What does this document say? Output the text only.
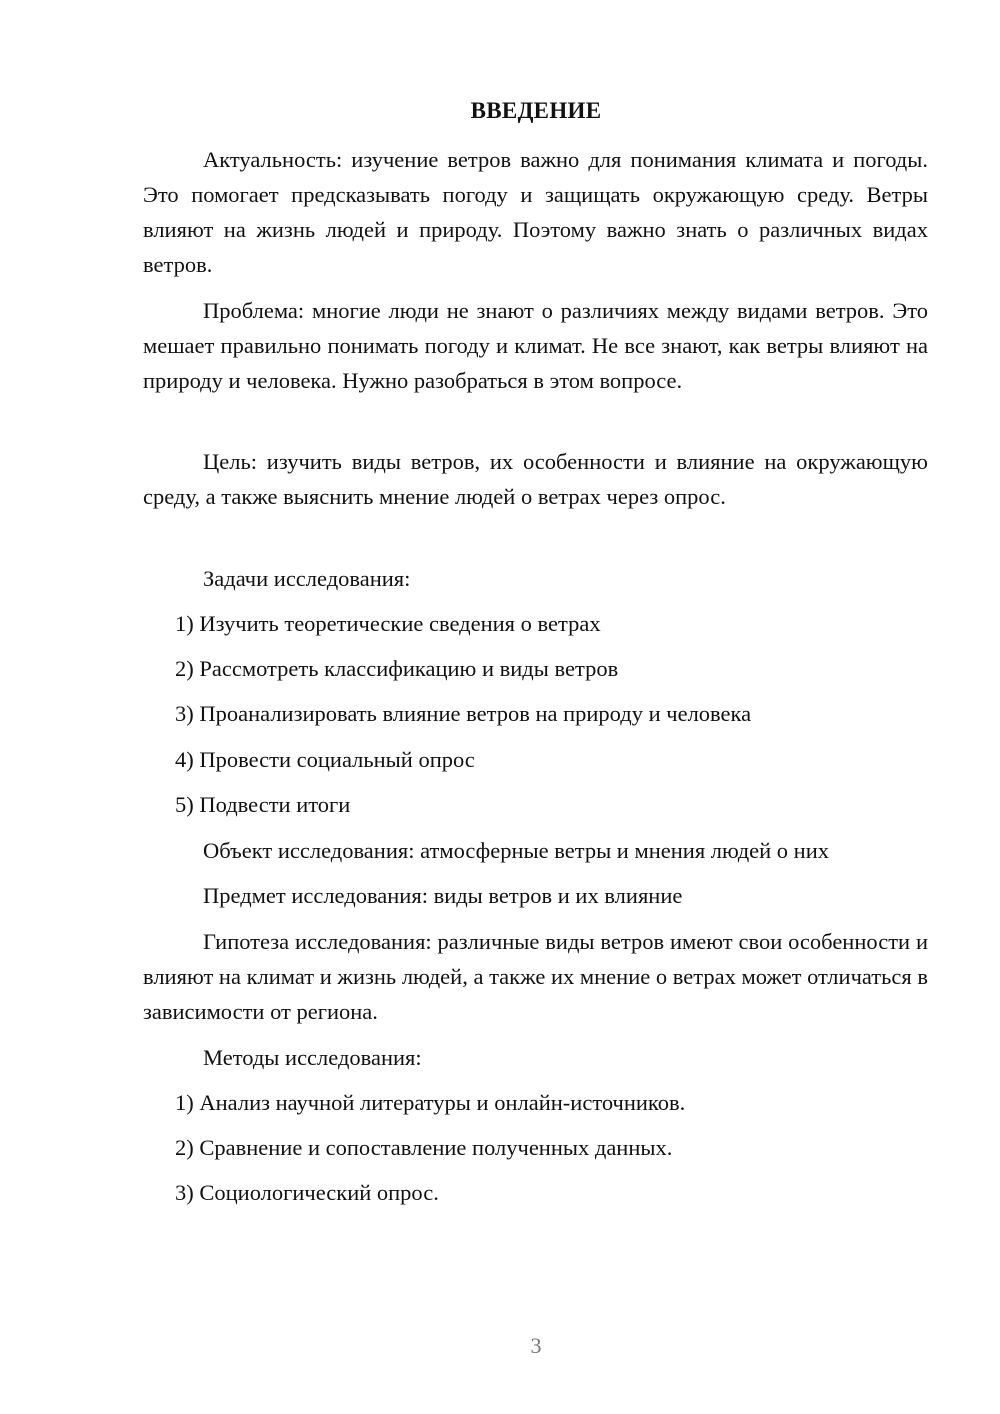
ВВЕДЕНИЕ

Актуальность: изучение ветров важно для понимания климата и погоды. Это помогает предсказывать погоду и защищать окружающую среду. Ветры влияют на жизнь людей и природу. Поэтому важно знать о различных видах ветров.

Проблема: многие люди не знают о различиях между видами ветров. Это мешает правильно понимать погоду и климат. Не все знают, как ветры влияют на природу и человека. Нужно разобраться в этом вопросе.

Цель: изучить виды ветров, их особенности и влияние на окружающую среду, а также выяснить мнение людей о ветрах через опрос.

Задачи исследования:

1) Изучить теоретические сведения о ветрах

2) Рассмотреть классификацию и виды ветров

3) Проанализировать влияние ветров на природу и человека

4) Провести социальный опрос

5) Подвести итоги

Объект исследования: атмосферные ветры и мнения людей о них

Предмет исследования: виды ветров и их влияние

Гипотеза исследования: различные виды ветров имеют свои особенности и влияют на климат и жизнь людей, а также их мнение о ветрах может отличаться в зависимости от региона.

Методы исследования:

1) Анализ научной литературы и онлайн-источников.

2) Сравнение и сопоставление полученных данных.

3) Социологический опрос.

3
